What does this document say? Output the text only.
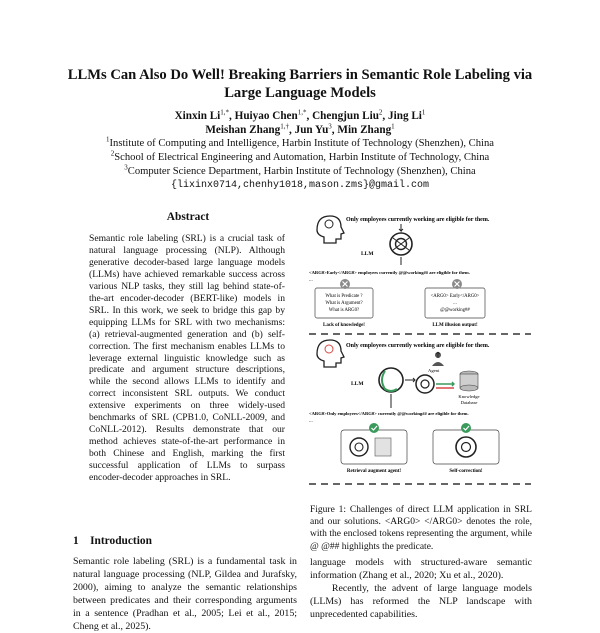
LLMs Can Also Do Well! Breaking Barriers in Semantic Role Labeling via
Large Language Models
Xinxin $Li^{1,*}$, Huiyao Chen$^{1,*}$, Chengjun Liu$^2$, Jing Li$^1$
Meishan Zhang$^{1,\dagger}$, Jun Yu$^3$, Min Zhang$^1$
$^1$Institute of Computing and Intelligence, Harbin Institute of Technology (Shenzhen), China
$^2$School of Electrical Engineering and Automation, Harbin Institute of Technology, China
$^3$Computer Science Department, Harbin Institute of Technology (Shenzhen), China
{lixinx0714,chenhy1018,mason.zms}@gmail.com
Abstract
Semantic role labeling (SRL) is a crucial task of natural language processing (NLP). Although generative decoder-based large language models (LLMs) have achieved remarkable success across various NLP tasks, they still lag behind state-of-the-art encoder-decoder (BERT-like) models in SRL. In this work, we seek to bridge this gap by equipping LLMs for SRL with two mechanisms: (a) retrieval-augmented generation and (b) self-correction. The first mechanism enables LLMs to leverage external linguistic knowledge such as predicate and argument structure descriptions, while the second allows LLMs to identify and correct inconsistent SRL outputs. We conduct extensive experiments on three widely-used benchmarks of SRL (CPB1.0, CoNLL-2009, and CoNLL-2012). Results demonstrate that our method achieves state-of-the-art performance in both Chinese and English, marking the first successful application of LLMs to surpass encoder-decoder approaches in SRL.
1 Introduction
Semantic role labeling (SRL) is a fundamental task in natural language processing (NLP, Gildea and Jurafsky, 2000), aiming to analyze the semantic relationships between predicates and their corresponding arguments in a sentence (Pradhan et al., 2005; Lei et al., 2015; Cheng et al., 2025).
Only employees currently working are eligible for them.
LLM
<ARG0>Early</ARG0> employees currently @@working## are eligible for them.
...
What is Predicate ?
What is Argument?
What is ARG0?
Lack of knowledge!
<ARG0> Early</ARG0>
...
@@working##
LLM illusion output!
Only employees currently working are eligible for them.
Agent
LLM
Knowledge
Database
<ARG0>Only employees</ARG0> currently @@working## are eligible for them.
...
Retrieval augment agent!	Self-correction!
Figure 1: Challenges of direct LLM application in SRL and our solutions. <ARG0> </ARG0> denotes the role, with the enclosed tokens representing the argument, while @ @## highlights the predicate.
language models with structured-aware semantic information (Zhang et al., 2020; Xu et al., 2020).
Recently, the advent of large language models (LLMs) has reformed the NLP landscape with unprecedented capabilities.
